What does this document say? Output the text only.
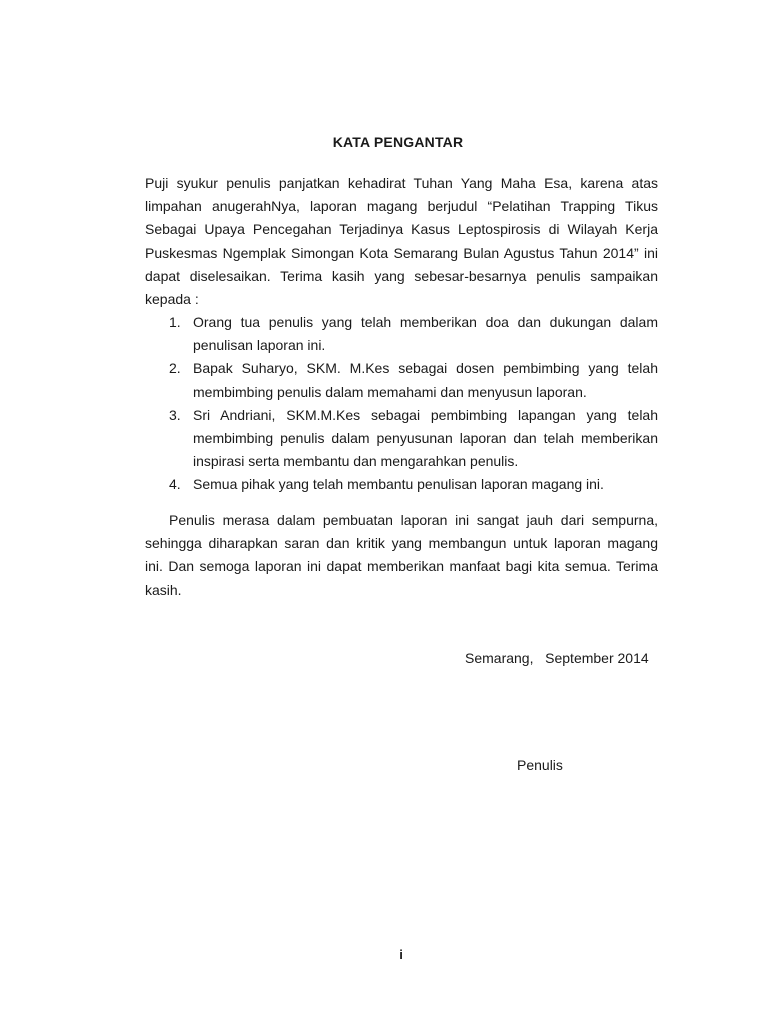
KATA PENGANTAR
Puji syukur penulis panjatkan kehadirat Tuhan Yang Maha Esa, karena atas
limpahan anugerahNya, laporan magang berjudul “Pelatihan Trapping Tikus
Sebagai Upaya Pencegahan Terjadinya Kasus Leptospirosis di Wilayah Kerja
Puskesmas Ngemplak Simongan Kota Semarang Bulan Agustus Tahun 2014” ini
dapat diselesaikan. Terima kasih yang sebesar-besarnya penulis sampaikan
kepada :
1. Orang tua penulis yang telah memberikan doa dan dukungan dalam
penulisan laporan ini.
2. Bapak Suharyo, SKM. M.Kes sebagai dosen pembimbing yang telah
membimbing penulis dalam memahami dan menyusun laporan.
3. Sri Andriani, SKM.M.Kes sebagai pembimbing lapangan yang telah
membimbing penulis dalam penyusunan laporan dan telah memberikan
inspirasi serta membantu dan mengarahkan penulis.
4. Semua pihak yang telah membantu penulisan laporan magang ini.
Penulis merasa dalam pembuatan laporan ini sangat jauh dari sempurna,
sehingga diharapkan saran dan kritik yang membangun untuk laporan magang
ini. Dan semoga laporan ini dapat memberikan manfaat bagi kita semua. Terima
kasih.
Semarang,   September 2014
Penulis
i
